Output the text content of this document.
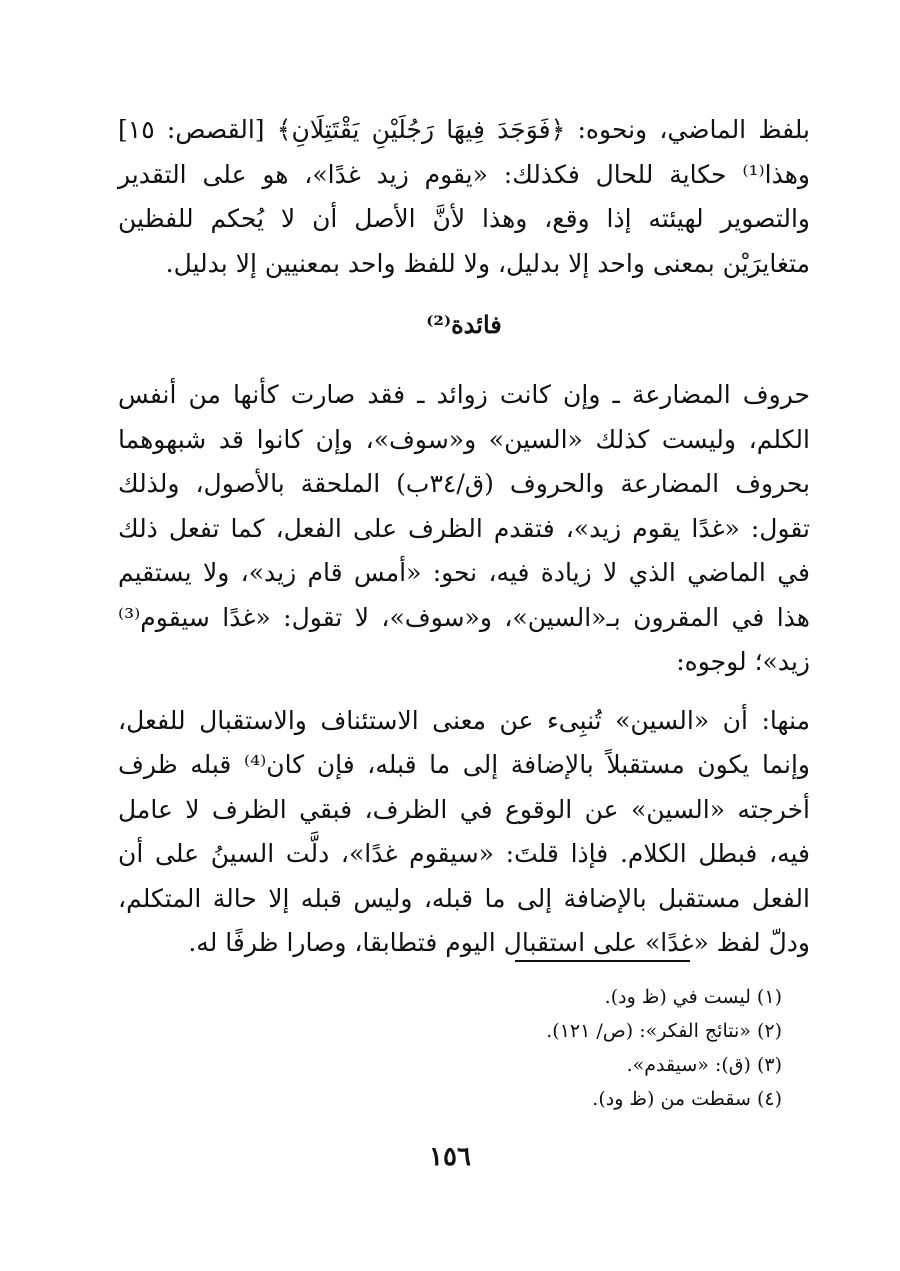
بلفظ الماضي، ونحوه: ﴿فَوَجَدَ فِيهَا رَجُلَيْنِ يَقْتَتِلَانِ﴾ [القصص: ١٥] وهذا⁽¹⁾ حكاية للحال فكذلك: «يقوم زيد غدًا»، هو على التقدير والتصوير لهيئته إذا وقع، وهذا لأنَّ الأصل أن لا يُحكم للفظين متغايرَيْن بمعنى واحد إلا بدليل، ولا للفظ واحد بمعنيين إلا بدليل.

فائدة⁽²⁾

حروف المضارعة ـ وإن كانت زوائد ـ فقد صارت كأنها من أنفس الكلم، وليست كذلك «السين» و«سوف»، وإن كانوا قد شبهوهما بحروف المضارعة والحروف (ق/٣٤ب) الملحقة بالأصول، ولذلك تقول: «غدًا يقوم زيد»، فتقدم الظرف على الفعل، كما تفعل ذلك في الماضي الذي لا زيادة فيه، نحو: «أمس قام زيد»، ولا يستقيم هذا في المقرون بـ«السين»، و«سوف»، لا تقول: «غدًا سيقوم⁽³⁾ زيد»؛ لوجوه:

منها: أن «السين» تُنبِىء عن معنى الاستئناف والاستقبال للفعل، وإنما يكون مستقبلاً بالإضافة إلى ما قبله، فإن كان⁽⁴⁾ قبله ظرف أخرجته «السين» عن الوقوع في الظرف، فبقي الظرف لا عامل فيه، فبطل الكلام. فإذا قلتَ: «سيقوم غدًا»، دلَّت السينُ على أن الفعل مستقبل بالإضافة إلى ما قبله، وليس قبله إلا حالة المتكلم، ودلّ لفظ «غدًا» على استقبال اليوم فتطابقا، وصارا ظرفًا له.

(١) ليست في (ظ ود).

(٢) «نتائج الفكر»: (ص/ ١٢١).

(٣) (ق): «سيقدم».

(٤) سقطت من (ظ ود).

١٥٦
